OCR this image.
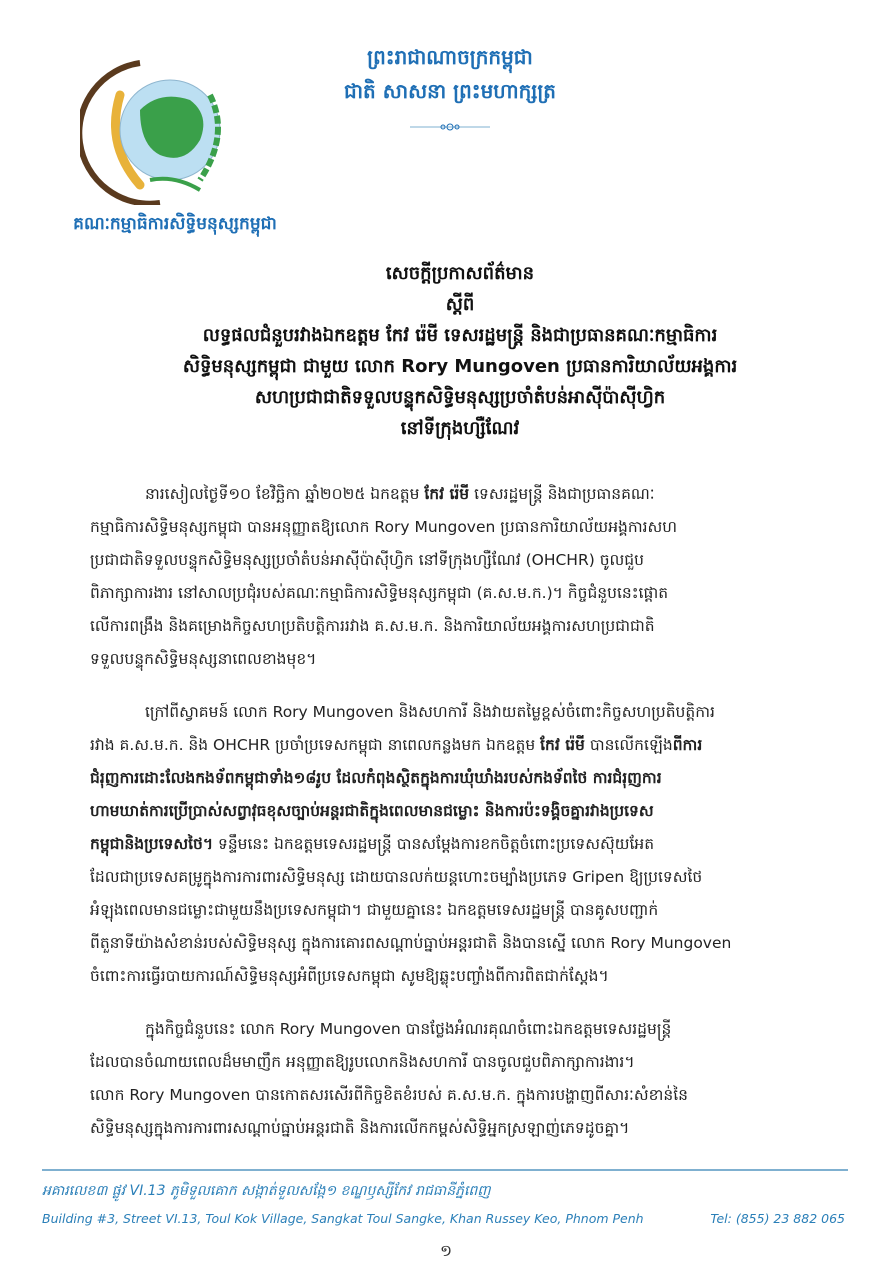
គណៈកម្មាធិការសិទ្ធិមនុស្សកម្ពុជា
ព្រះរាជាណាចក្រកម្ពុជា
ជាតិ សាសនា ព្រះមហាក្សត្រ
សេចក្តីប្រកាសព័ត៌មាន
ស្តីពី
លទ្ធផលជំនួបរវាងឯកឧត្តម កែវ រ៉េមី ទេសរដ្ឋមន្ត្រី និងជាប្រធានគណៈកម្មាធិការ
សិទ្ធិមនុស្សកម្ពុជា ជាមួយ លោក Rory Mungoven ប្រធានការិយាល័យអង្គការ
សហប្រជាជាតិទទួលបន្ទុកសិទ្ធិមនុស្សប្រចាំតំបន់អាស៊ីប៉ាស៊ីហ្វិក
នៅទីក្រុងហ្សឺណែវ
នារសៀលថ្ងៃទី១០ ខែវិច្ឆិកា ឆ្នាំ២០២៥ ឯកឧត្តម កែវ រ៉េមី ទេសរដ្ឋមន្ត្រី និងជាប្រធានគណៈ
កម្មាធិការសិទ្ធិមនុស្សកម្ពុជា បានអនុញ្ញាតឱ្យលោក Rory Mungoven ប្រធានការិយាល័យអង្គការសហ
ប្រជាជាតិទទួលបន្ទុកសិទ្ធិមនុស្សប្រចាំតំបន់អាស៊ីប៉ាស៊ីហ្វិក នៅទីក្រុងហ្សឺណែវ (OHCHR) ចូលជួប
ពិភាក្សាការងារ នៅសាលប្រជុំរបស់គណៈកម្មាធិការសិទ្ធិមនុស្សកម្ពុជា (គ.ស.ម.ក.)។ កិច្ចជំនួបនេះផ្តោត
លើការពង្រឹង និងគម្រោងកិច្ចសហប្រតិបត្តិការរវាង គ.ស.ម.ក. និងការិយាល័យអង្គការសហប្រជាជាតិ
ទទួលបន្ទុកសិទ្ធិមនុស្សនាពេលខាងមុខ។
ក្រៅពីស្វាគមន៍ លោក Rory Mungoven និងសហការី និងវាយតម្លៃខ្ពស់ចំពោះកិច្ចសហប្រតិបត្តិការ
រវាង គ.ស.ម.ក. និង OHCHR ប្រចាំប្រទេសកម្ពុជា នាពេលកន្លងមក ឯកឧត្តម កែវ រ៉េមី បានលើកឡើងពីការ
ជំរុញការដោះលែងកងទ័ពកម្ពុជាទាំង១៨រូប ដែលកំពុងស្ថិតក្នុងការឃុំឃាំងរបស់កងទ័ពថៃ ការជំរុញការ
ហាមឃាត់ការប្រើប្រាស់សព្វាវុធខុសច្បាប់អន្តរជាតិក្នុងពេលមានជម្លោះ និងការប៉ះទង្គិចគ្នារវាងប្រទេស
កម្ពុជានិងប្រទេសថៃ។ ទន្ទឹមនេះ ឯកឧត្តមទេសរដ្ឋមន្ត្រី បានសម្តែងការខកចិត្តចំពោះប្រទេសស៊ុយអែត
ដែលជាប្រទេសគម្រូក្នុងការការពារសិទ្ធិមនុស្ស ដោយបានលក់យន្តហោះចម្បាំងប្រភេទ Gripen ឱ្យប្រទេសថៃ
អំឡុងពេលមានជម្លោះជាមួយនឹងប្រទេសកម្ពុជា។ ជាមួយគ្នានេះ ឯកឧត្តមទេសរដ្ឋមន្ត្រី បានគូសបញ្ជាក់
ពីតួនាទីយ៉ាងសំខាន់របស់សិទ្ធិមនុស្ស ក្នុងការគោរពសណ្តាប់ធ្នាប់អន្តរជាតិ និងបានស្នើ លោក Rory Mungoven
ចំពោះការធ្វើរបាយការណ៍សិទ្ធិមនុស្សអំពីប្រទេសកម្ពុជា សូមឱ្យឆ្លុះបញ្ចាំងពីការពិតជាក់ស្តែង។
ក្នុងកិច្ចជំនួបនេះ លោក Rory Mungoven បានថ្លែងអំណរគុណចំពោះឯកឧត្តមទេសរដ្ឋមន្ត្រី
ដែលបានចំណាយពេលដ៏មមាញឹក អនុញ្ញាតឱ្យរូបលោកនិងសហការី បានចូលជួបពិភាក្សាការងារ។
លោក Rory Mungoven បានកោតសរសើរពីកិច្ចខិតខំរបស់ គ.ស.ម.ក. ក្នុងការបង្ហាញពីសារៈសំខាន់នៃ
សិទ្ធិមនុស្សក្នុងការការពារសណ្តាប់ធ្នាប់អន្តរជាតិ និងការលើកកម្ពស់សិទ្ធិអ្នកស្រឡាញ់ភេទដូចគ្នា។
អគារលេខ៣ ផ្លូវ VI.13 ភូមិទួលគោក សង្កាត់ទួលសង្កែ១ ខណ្ឌឫស្សីកែវ រាជធានីភ្នំពេញ
Building #3, Street VI.13, Toul Kok Village, Sangkat Toul Sangke, Khan Russey Keo, Phnom Penh	Tel: (855) 23 882 065
១
